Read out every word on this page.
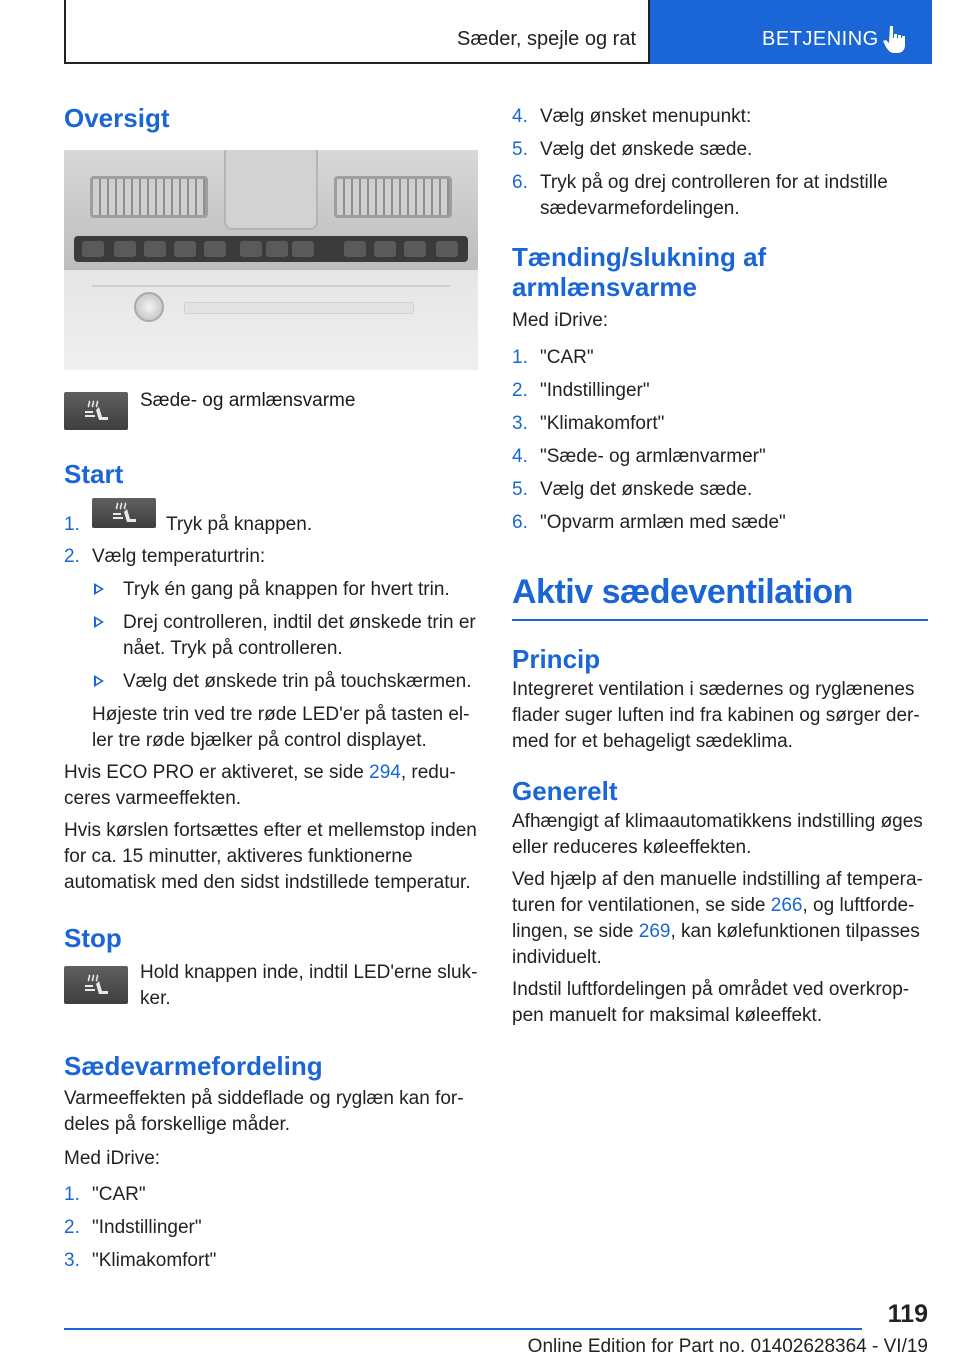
Sæder, spejle og rat	BETJENING
Oversigt
Sæde- og armlænsvarme
Start
1.	Tryk på knappen.
2. Vælg temperaturtrin:
Tryk én gang på knappen for hvert trin.
Drej controlleren, indtil det ønskede trin er nået. Tryk på controlleren.
Vælg det ønskede trin på touchskærmen.

Højeste trin ved tre røde LED'er på tasten eller tre røde bjælker på control displayet.

Hvis ECO PRO er aktiveret, se side 294, reduceres varmeeffekten.

Hvis kørslen fortsættes efter et mellemstop inden for ca. 15 minutter, aktiveres funktionerne automatisk med den sidst indstillede temperatur.

Stop

Hold knappen inde, indtil LED'erne slukker.

Sædevarmefordeling

Varmeeffekten på siddeflade og ryglæn kan fordeles på forskellige måder.

Med iDrive:

1. "CAR"
2. "Indstillinger"
3. "Klimakomfort"
4. Vælg ønsket menupunkt:
5. Vælg det ønskede sæde.
6. Tryk på og drej controlleren for at indstille sædevarmefordelingen.
Tænding/slukning af armlænsvarme

Med iDrive:

1. "CAR"
2. "Indstillinger"
3. "Klimakomfort"
4. "Sæde- og armlænvarmer"
5. Vælg det ønskede sæde.
6. "Opvarm armlæn med sæde"
Aktiv sædeventilation
Princip

Integreret ventilation i sædernes og ryglænenes flader suger luften ind fra kabinen og sørger dermed for et behageligt sædeklima.

Generelt

Afhængigt af klimaautomatikkens indstilling øges eller reduceres køleeffekten.

Ved hjælp af den manuelle indstilling af temperaturen for ventilationen, se side 266, og luftfordelingen, se side 269, kan kølefunktionen tilpasses individuelt.

Indstil luftfordelingen på området ved overkroppen manuelt for maksimal køleeffekt.

119
Online Edition for Part no. 01402628364 - VI/19
